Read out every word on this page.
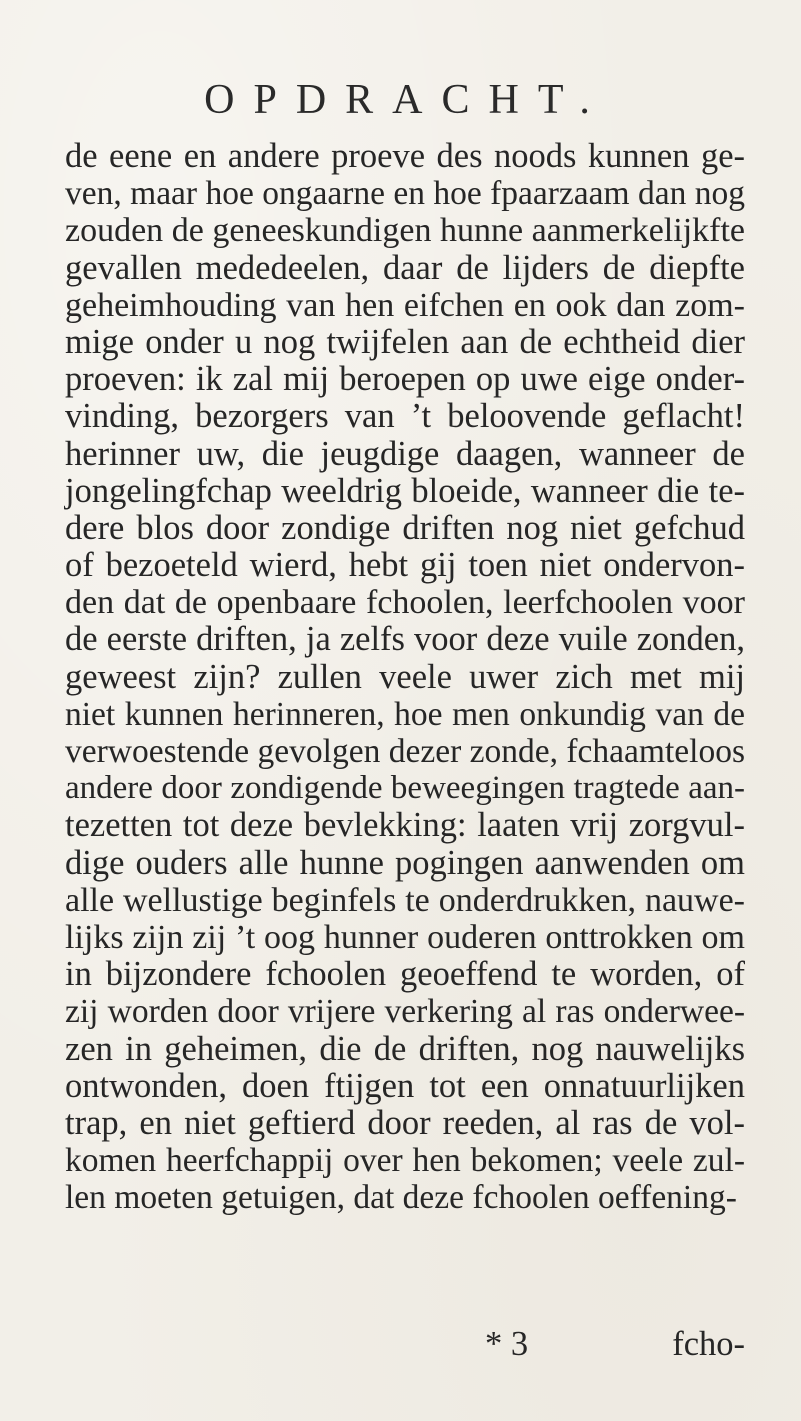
OPDRACHT.
de eene en andere proeve des noods kunnen ge-
ven, maar hoe ongaarne en hoe fpaarzaam dan nog
zouden de geneeskundigen hunne aanmerkelijkfte
gevallen mededeelen, daar de lijders de diepfte
geheimhouding van hen eifchen en ook dan zom-
mige onder u nog twijfelen aan de echtheid dier
proeven: ik zal mij beroepen op uwe eige onder-
vinding, bezorgers van ’t beloovende geflacht!
herinner uw, die jeugdige daagen, wanneer de
jongelingfchap weeldrig bloeide, wanneer die te-
dere blos door zondige driften nog niet gefchud
of bezoeteld wierd, hebt gij toen niet ondervon-
den dat de openbaare fchoolen, leerfchoolen voor
de eerste driften, ja zelfs voor deze vuile zonden,
geweest zijn? zullen veele uwer zich met mij
niet kunnen herinneren, hoe men onkundig van de
verwoestende gevolgen dezer zonde, fchaamteloos
andere door zondigende beweegingen tragtede aan-
tezetten tot deze bevlekking: laaten vrij zorgvul-
dige ouders alle hunne pogingen aanwenden om
alle wellustige beginfels te onderdrukken, nauwe-
lijks zijn zij ’t oog hunner ouderen onttrokken om
in bijzondere fchoolen geoeffend te worden, of
zij worden door vrijere verkering al ras onderwee-
zen in geheimen, die de driften, nog nauwelijks
ontwonden, doen ftijgen tot een onnatuurlijken
trap, en niet geftierd door reeden, al ras de vol-
komen heerfchappij over hen bekomen; veele zul-
len moeten getuigen, dat deze fchoolen oeffening-
* 3	fcho-
